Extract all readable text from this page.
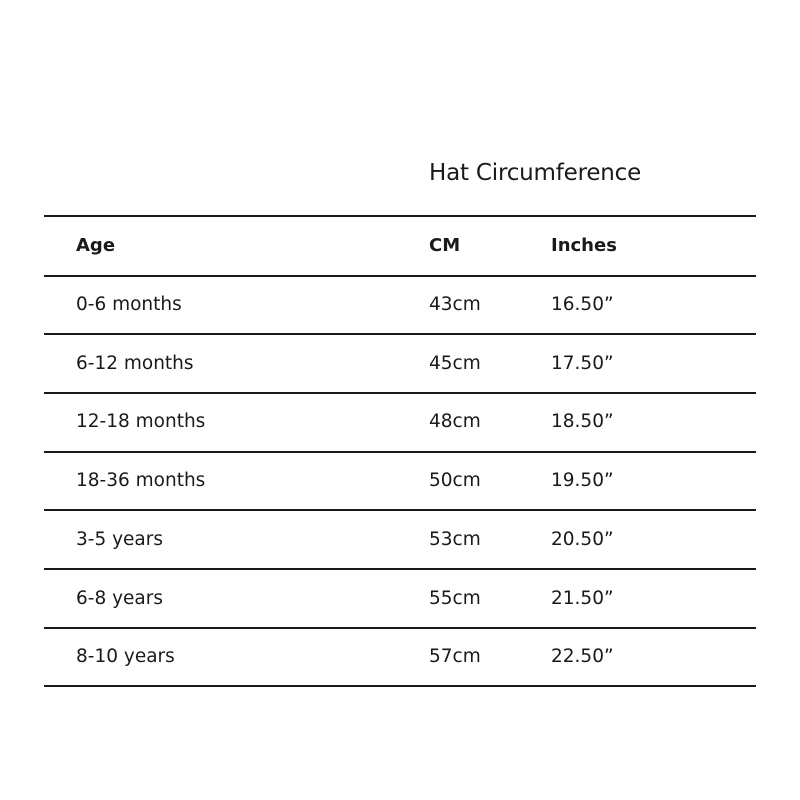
Hat Circumference
Age	CM	Inches
0-6 months	43cm	16.50”
6-12 months	45cm	17.50”
12-18 months	48cm	18.50”
18-36 months	50cm	19.50”
3-5 years	53cm	20.50”
6-8 years	55cm	21.50”
8-10 years	57cm	22.50”
